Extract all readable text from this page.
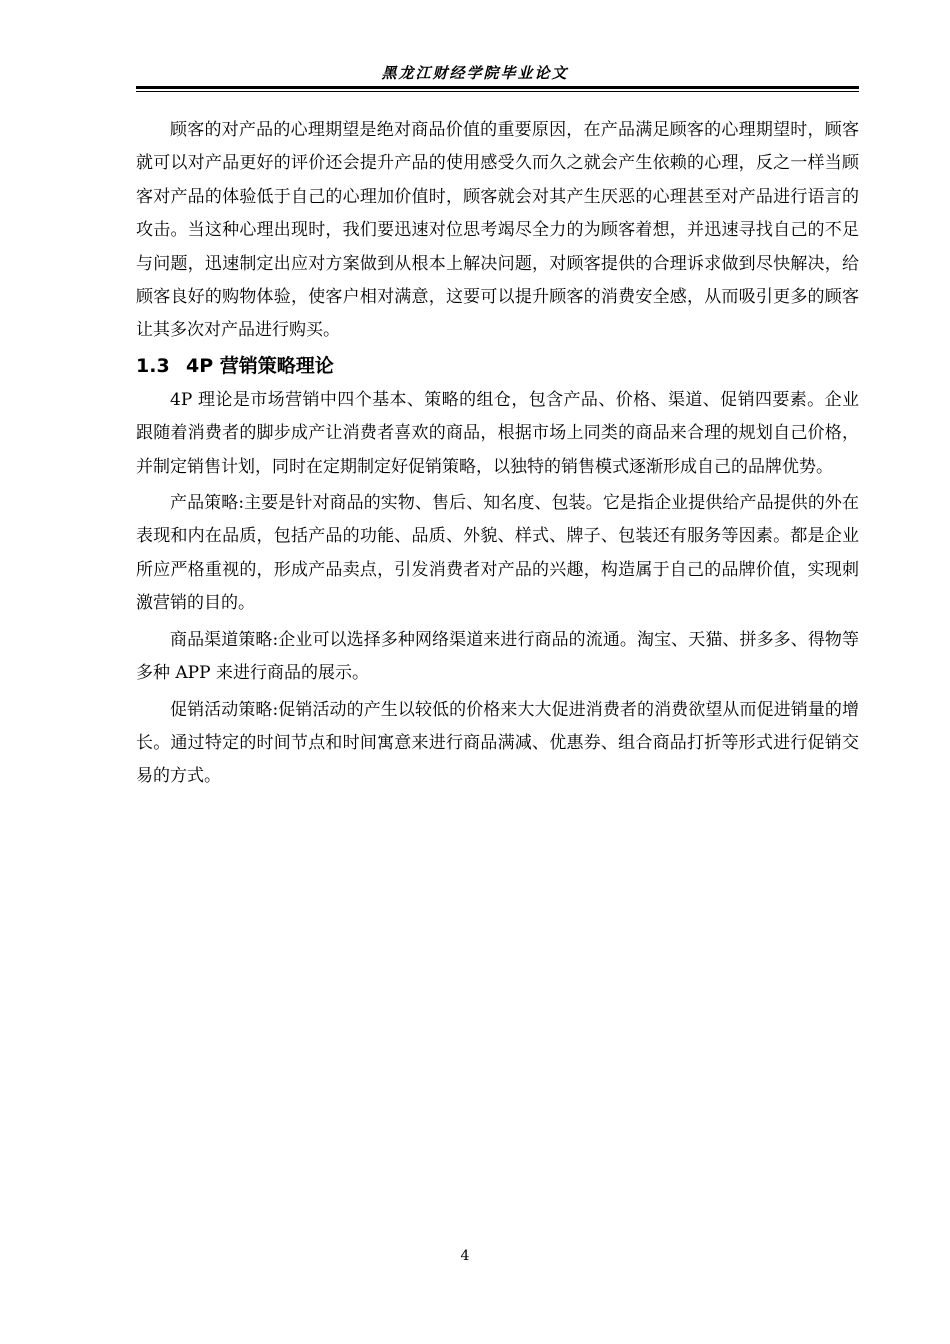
黑龙江财经学院毕业论文

顾客的对产品的心理期望是绝对商品价值的重要原因，在产品满足顾客的心理期望时，顾客就可以对产品更好的评价还会提升产品的使用感受久而久之就会产生依赖的心理，反之一样当顾客对产品的体验低于自己的心理加价值时，顾客就会对其产生厌恶的心理甚至对产品进行语言的攻击。当这种心理出现时，我们要迅速对位思考竭尽全力的为顾客着想，并迅速寻找自己的不足与问题，迅速制定出应对方案做到从根本上解决问题，对顾客提供的合理诉求做到尽快解决，给顾客良好的购物体验，使客户相对满意，这要可以提升顾客的消费安全感，从而吸引更多的顾客让其多次对产品进行购买。

1.3 4P 营销策略理论

4P 理论是市场营销中四个基本、策略的组仓，包含产品、价格、渠道、促销四要素。企业跟随着消费者的脚步成产让消费者喜欢的商品，根据市场上同类的商品来合理的规划自己价格，并制定销售计划，同时在定期制定好促销策略，以独特的销售模式逐渐形成自己的品牌优势。

产品策略:主要是针对商品的实物、售后、知名度、包装。它是指企业提供给产品提供的外在表现和内在品质，包括产品的功能、品质、外貌、样式、牌子、包装还有服务等因素。都是企业所应严格重视的，形成产品卖点，引发消费者对产品的兴趣，构造属于自己的品牌价值，实现刺激营销的目的。

商品渠道策略:企业可以选择多种网络渠道来进行商品的流通。淘宝、天猫、拼多多、得物等多种 APP 来进行商品的展示。

促销活动策略:促销活动的产生以较低的价格来大大促进消费者的消费欲望从而促进销量的增长。通过特定的时间节点和时间寓意来进行商品满减、优惠券、组合商品打折等形式进行促销交易的方式。

4
